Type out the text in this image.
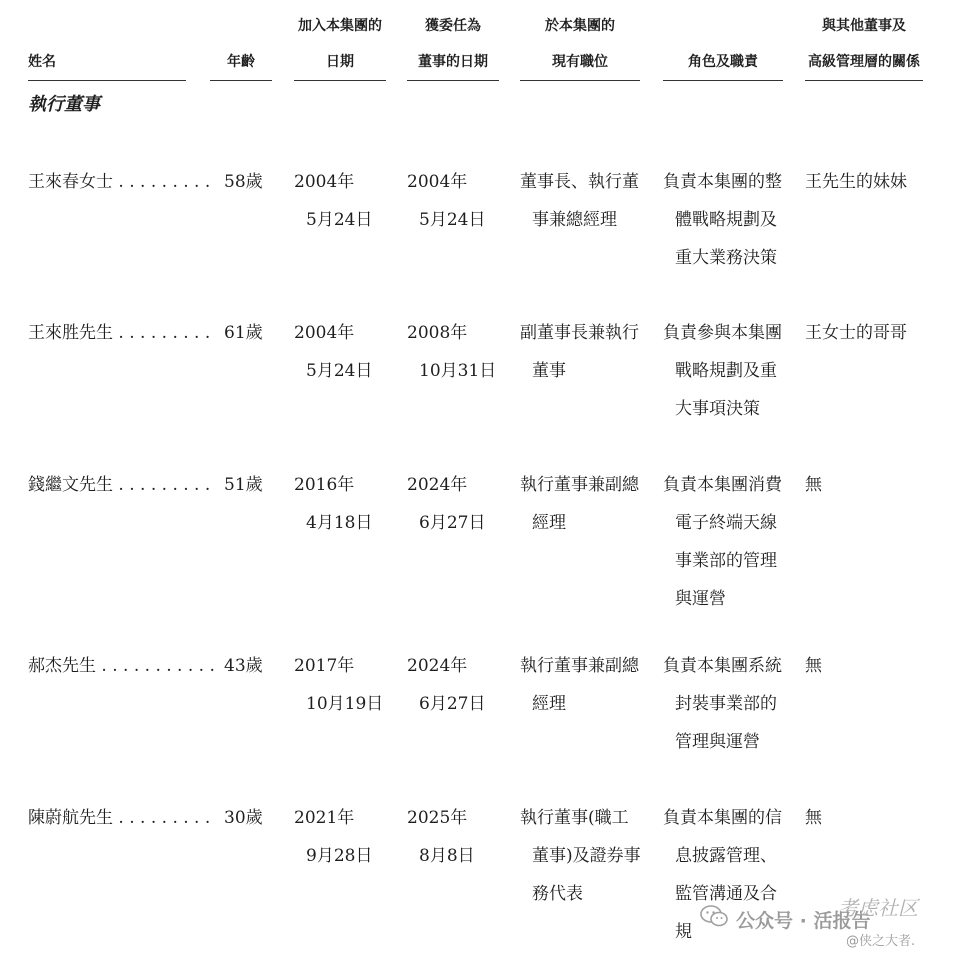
姓名	年齡
加入本集團的
日期
獲委任為
董事的日期
於本集團的
現有職位
	角色及職責
與其他董事及
高級管理層的關係
執行董事
王來春女士 . . . . . . . . . 58歲 2004年
5月24日
2004年
5月24日
董事長、執行董
事兼總經理
負責本集團的整
體戰略規劃及
重大業務決策
王先生的妹妹
王來胜先生 . . . . . . . . . 61歲 2004年
5月24日
2008年
10月31日
副董事長兼執行
董事
負責參與本集團
戰略規劃及重
大事項決策
王女士的哥哥
錢繼文先生 . . . . . . . . . 51歲 2016年
4月18日
2024年
6月27日
執行董事兼副總
經理
負責本集團消費
電子終端天線
事業部的管理
與運營
無
郝杰先生 . . . . . . . . . . . 43歲 2017年
10月19日
2024年
6月27日
執行董事兼副總
經理
負責本集團系統
封裝事業部的
管理與運營
無
陳蔚航先生 . . . . . . . . . 30歲 2021年
9月28日
2025年
8月8日
執行董事(職工
董事)及證券事
務代表
負責本集團的信
息披露管理、
監管溝通及合
規
無
公众号 · 活报告
考虑社区
@侠之大者.
